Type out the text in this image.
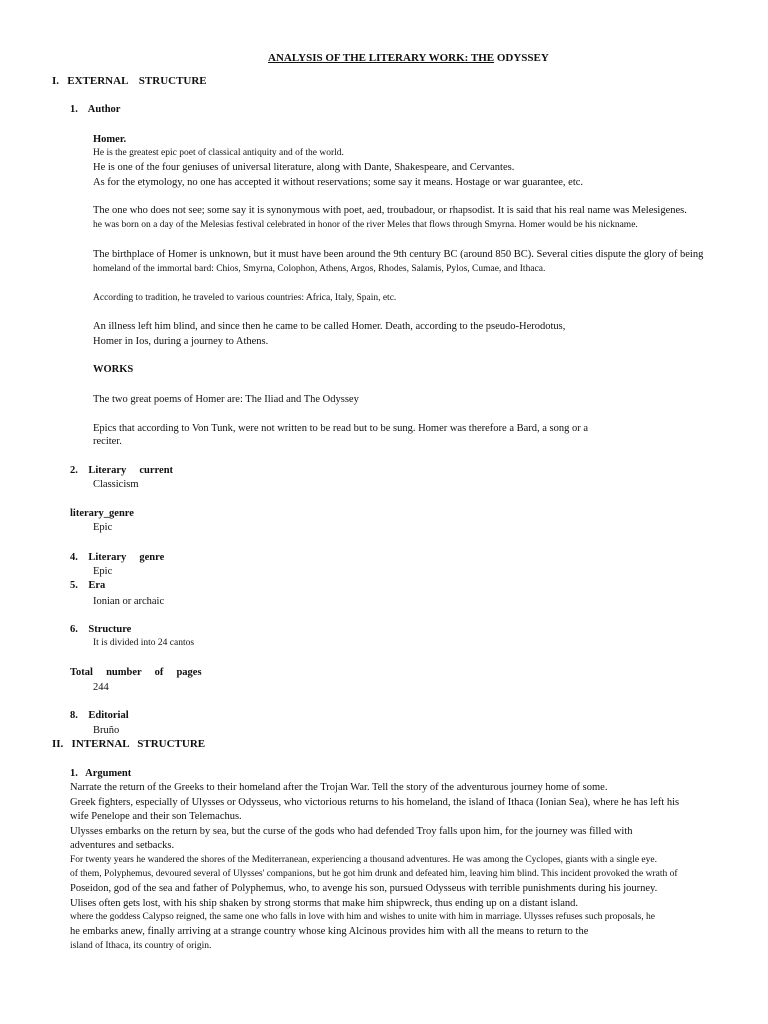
ANALYSIS OF THE LITERARY WORK: THE ODYSSEY
I.   EXTERNAL    STRUCTURE
1.    Author
Homer.
He is the greatest epic poet of classical antiquity and of the world.
He is one of the four geniuses of universal literature, along with Dante, Shakespeare, and Cervantes.
As for the etymology, no one has accepted it without reservations; some say it means. Hostage or war guarantee, etc.
The one who does not see; some say it is synonymous with poet, aed, troubadour, or rhapsodist. It is said that his real name was Melesigenes.
he was born on a day of the Melesias festival celebrated in honor of the river Meles that flows through Smyrna. Homer would be his nickname.
The birthplace of Homer is unknown, but it must have been around the 9th century BC (around 850 BC). Several cities dispute the glory of being
homeland of the immortal bard: Chios, Smyrna, Colophon, Athens, Argos, Rhodes, Salamis, Pylos, Cumae, and Ithaca.
According to tradition, he traveled to various countries: Africa, Italy, Spain, etc.
An illness left him blind, and since then he came to be called Homer. Death, according to the pseudo-Herodotus,
Homer in Ios, during a journey to Athens.
WORKS
The two great poems of Homer are: The Iliad and The Odyssey
Epics that according to Von Tunk, were not written to be read but to be sung. Homer was therefore a Bard, a song or a
reciter.
2.    Literary     current
Classicism
literary_genre
Epic
4.    Literary     genre
Epic
5.    Era
Ionian or archaic
6.    Structure
It is divided into 24 cantos
Total     number     of     pages
244
8.    Editorial
Bruño
II.   INTERNAL   STRUCTURE
1.   Argument
Narrate the return of the Greeks to their homeland after the Trojan War. Tell the story of the adventurous journey home of some.
Greek fighters, especially of Ulysses or Odysseus, who victorious returns to his homeland, the island of Ithaca (Ionian Sea), where he has left his
wife Penelope and their son Telemachus.
Ulysses embarks on the return by sea, but the curse of the gods who had defended Troy falls upon him, for the journey was filled with
adventures and setbacks.
For twenty years he wandered the shores of the Mediterranean, experiencing a thousand adventures. He was among the Cyclopes, giants with a single eye.
of them, Polyphemus, devoured several of Ulysses' companions, but he got him drunk and defeated him, leaving him blind. This incident provoked the wrath of
Poseidon, god of the sea and father of Polyphemus, who, to avenge his son, pursued Odysseus with terrible punishments during his journey.
Ulises often gets lost, with his ship shaken by strong storms that make him shipwreck, thus ending up on a distant island.
where the goddess Calypso reigned, the same one who falls in love with him and wishes to unite with him in marriage. Ulysses refuses such proposals, he
he embarks anew, finally arriving at a strange country whose king Alcinous provides him with all the means to return to the
island of Ithaca, its country of origin.
